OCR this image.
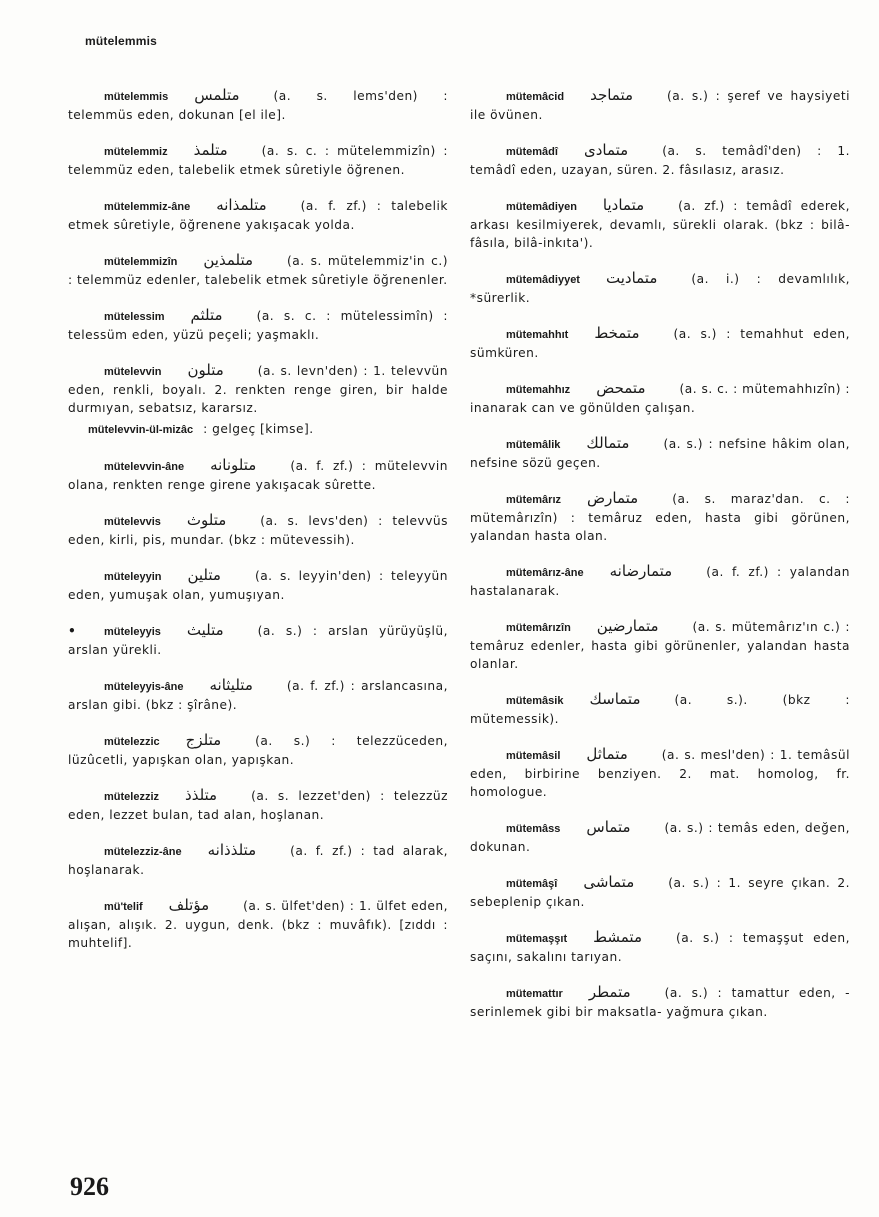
mütelemmis
mütelemmis متلمس	(a. s. lems'den) : telemmüs eden, dokunan [el ile].
mütelemmiz متلمذ	(a. s. c. : mütelemmizîn) : telemmüz eden, talebelik etmek sûretiyle öğrenen.
mütelemmiz-âne متلمذانه	(a. f. zf.) : talebelik etmek sûretiyle, öğrenene yakışacak yolda.
mütelemmizîn متلمذين	(a. s. mütelemmiz'in c.) : telemmüz edenler, talebelik etmek sûretiyle öğrenenler.
mütelessim متلثم	(a. s. c. : mütelessimîn) : telessüm eden, yüzü peçeli; yaşmaklı.
mütelevvin متلون	(a. s. levn'den) : 1. televvün eden, renkli, boyalı. 2. renkten renge giren, bir halde durmıyan, sebatsız, kararsız.
mütelevvin-ül-mizâc : gelgeç [kimse].
mütelevvin-âne متلونانه	(a. f. zf.) : mütelevvin olana, renkten renge girene yakışacak sûrette.
mütelevvis متلوث	(a. s. levs'den) : televvüs eden, kirli, pis, mundar. (bkz : mütevessih).
müteleyyin متلين	(a. s. leyyin'den) : teleyyün eden, yumuşak olan, yumuşıyan.
•	müteleyyis متليث	(a. s.) : arslan yürüyüşlü, arslan yürekli.
müteleyyis-âne متليثانه	(a. f. zf.) : arslancasına, arslan gibi. (bkz : şîrâne).
mütelezzic متلزج	(a. s.) : telezzüceden, lüzûcetli, yapışkan olan, yapışkan.
mütelezziz متلذذ	(a. s. lezzet'den) : telezzüz eden, lezzet bulan, tad alan, hoşlanan.
mütelezziz-âne متلذذانه	(a. f. zf.) : tad alarak, hoşlanarak.
mü'telif مؤتلف	(a. s. ülfet'den) : 1. ülfet eden, alışan, alışık. 2. uygun, denk. (bkz : muvâfık). [zıddı : muhtelif].
mütemâcid متماجد	(a. s.) : şeref ve haysiyeti ile övünen.
mütemâdî متمادی	(a. s. temâdî'den) : 1. temâdî eden, uzayan, süren. 2. fâsılasız, arasız.
mütemâdiyen متماديا	(a. zf.) : temâdî ederek, arkası kesilmiyerek, devamlı, sürekli olarak. (bkz : bilâ-fâsıla, bilâ-inkıta').
mütemâdiyyet متماديت	(a. i.) : devamlılık, *sürerlik.
mütemahhıt متمخط	(a. s.) : temahhut eden, sümküren.
mütemahhız متمحض	(a. s. c. : mütemahhızîn) : inanarak can ve gönülden çalışan.
mütemâlik متمالك	(a. s.) : nefsine hâkim olan, nefsine sözü geçen.
mütemârız متمارض	(a. s. maraz'dan. c. : mütemârızîn) : temâruz eden, hasta gibi görünen, yalandan hasta olan.
mütemârız-âne متمارضانه	(a. f. zf.) : yalandan hastalanarak.
mütemârızîn متمارضين	(a. s. mütemârız'ın c.) : temâruz edenler, hasta gibi görünenler, yalandan hasta olanlar.
mütemâsik متماسك	(a. s.). (bkz : mütemessik).
mütemâsil متماثل	(a. s. mesl'den) : 1. temâsül eden, birbirine benziyen. 2. mat. homolog, fr. homologue.
mütemâss متماس	(a. s.) : temâs eden, değen, dokunan.
mütemâşî متماشی	(a. s.) : 1. seyre çıkan. 2. sebeplenip çıkan.
mütemaşşıt متمشط	(a. s.) : temaşşut eden, saçını, sakalını tarıyan.
mütemattır متمطر	(a. s.) : tamattur eden, -serinlemek gibi bir maksatla- yağmura çıkan.
926
